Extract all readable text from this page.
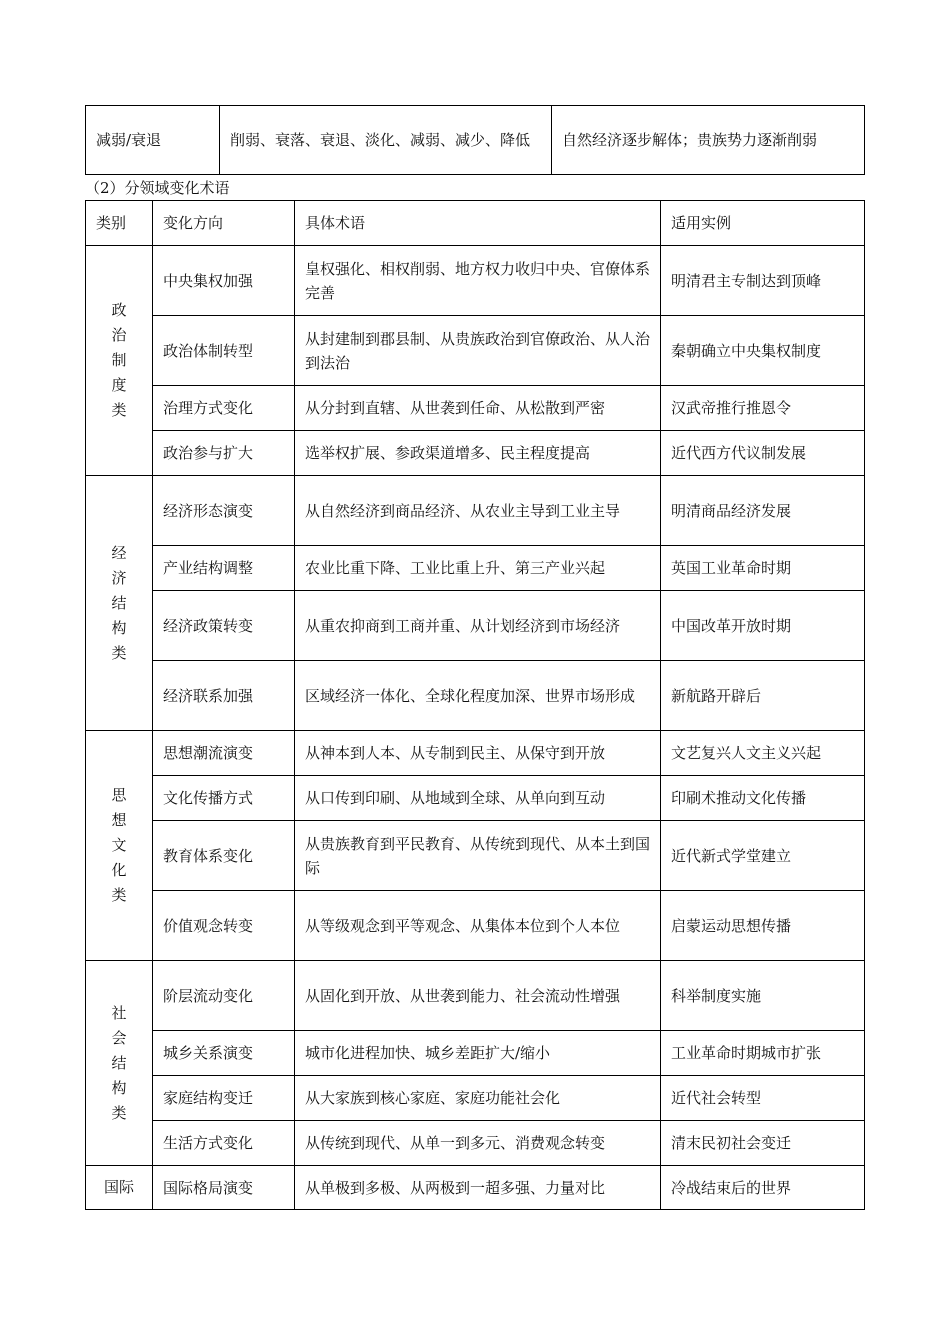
减弱/衰退	削弱、衰落、衰退、淡化、减弱、减少、降低	自然经济逐步解体；贵族势力逐渐削弱
（2）分领域变化术语
类别	变化方向	具体术语	适用实例
政治制度类	中央集权加强	皇权强化、相权削弱、地方权力收归中央、官僚体系完善	明清君主专制达到顶峰
	政治体制转型	从封建制到郡县制、从贵族政治到官僚政治、从人治到法治	秦朝确立中央集权制度
	治理方式变化	从分封到直辖、从世袭到任命、从松散到严密	汉武帝推行推恩令
	政治参与扩大	选举权扩展、参政渠道增多、民主程度提高	近代西方代议制发展
经济结构类	经济形态演变	从自然经济到商品经济、从农业主导到工业主导	明清商品经济发展
	产业结构调整	农业比重下降、工业比重上升、第三产业兴起	英国工业革命时期
	经济政策转变	从重农抑商到工商并重、从计划经济到市场经济	中国改革开放时期
	经济联系加强	区域经济一体化、全球化程度加深、世界市场形成	新航路开辟后
思想文化类	思想潮流演变	从神本到人本、从专制到民主、从保守到开放	文艺复兴人文主义兴起
	文化传播方式	从口传到印刷、从地域到全球、从单向到互动	印刷术推动文化传播
	教育体系变化	从贵族教育到平民教育、从传统到现代、从本土到国际	近代新式学堂建立
	价值观念转变	从等级观念到平等观念、从集体本位到个人本位	启蒙运动思想传播
社会结构类	阶层流动变化	从固化到开放、从世袭到能力、社会流动性增强	科举制度实施
	城乡关系演变	城市化进程加快、城乡差距扩大/缩小	工业革命时期城市扩张
	家庭结构变迁	从大家族到核心家庭、家庭功能社会化	近代社会转型
	生活方式变化	从传统到现代、从单一到多元、消费观念转变	清末民初社会变迁
国际	国际格局演变	从单极到多极、从两极到一超多强、力量对比	冷战结束后的世界
